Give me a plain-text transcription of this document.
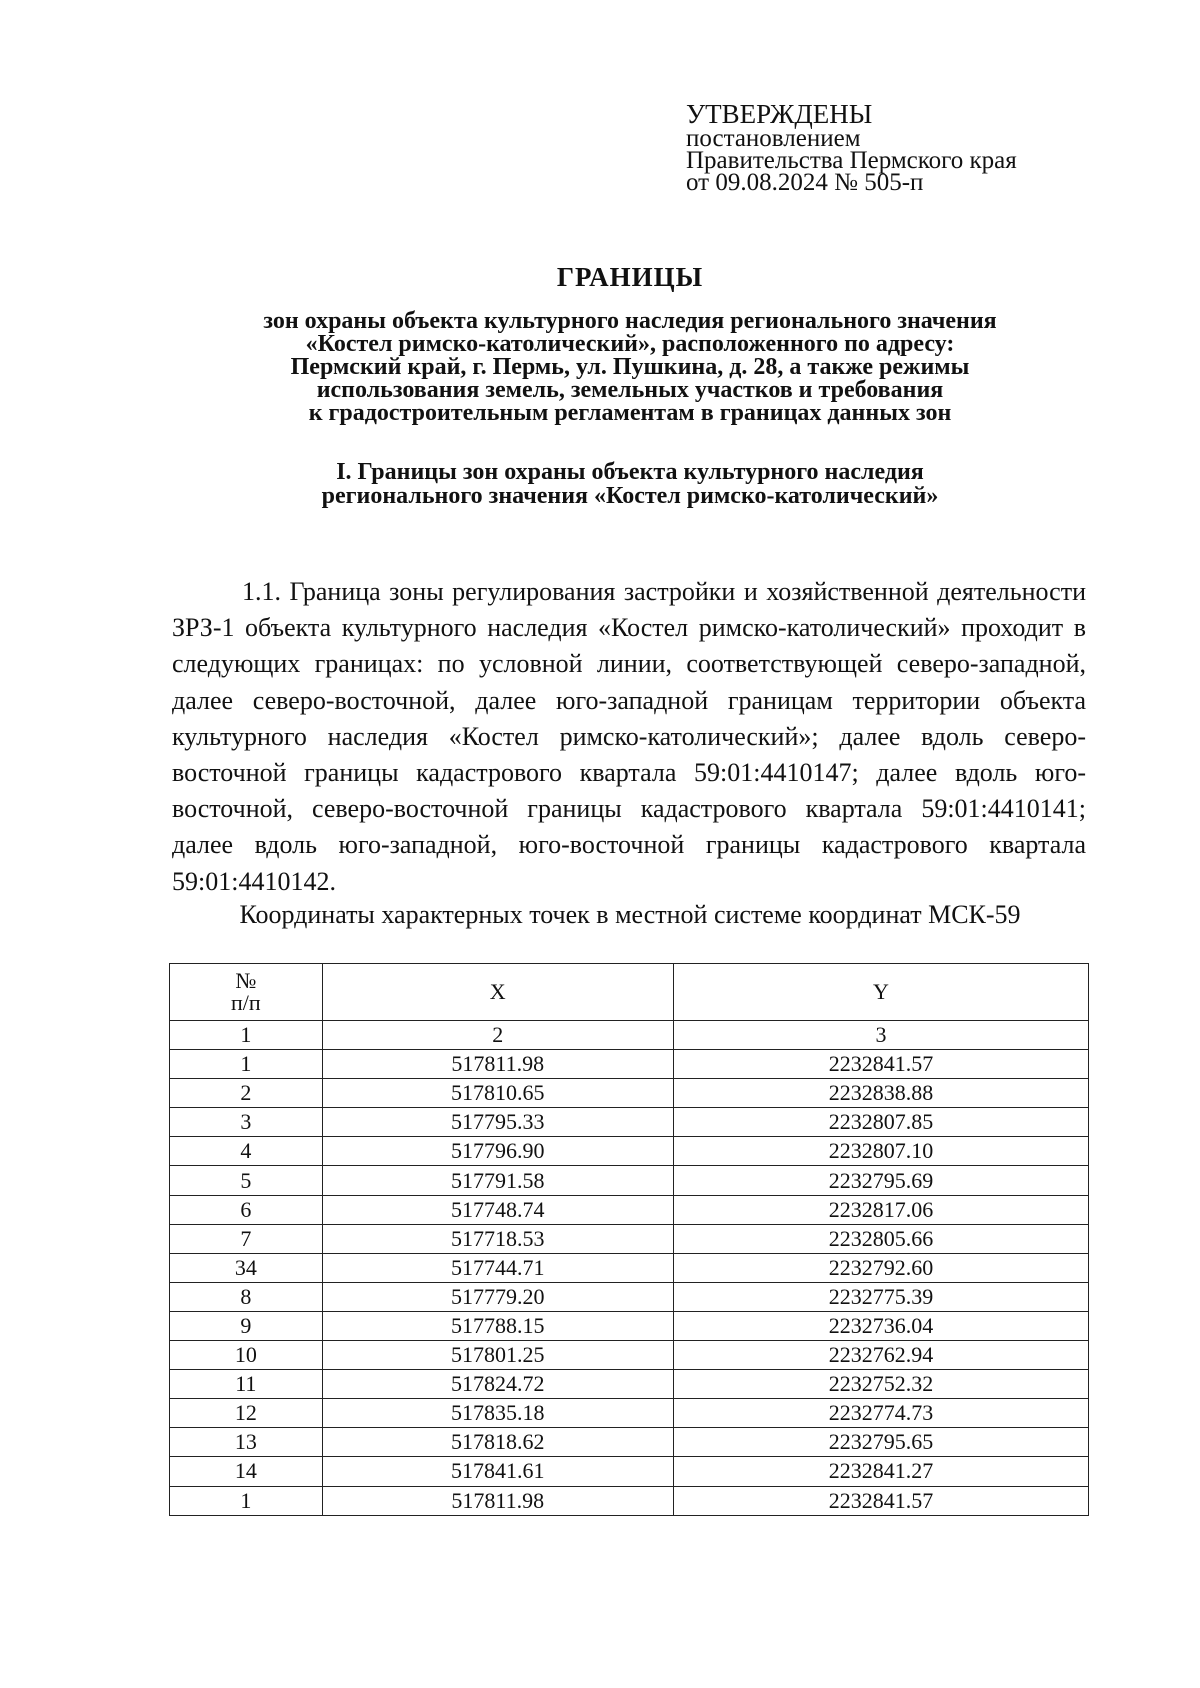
УТВЕРЖДЕНЫ
постановлением
Правительства Пермского края
от 09.08.2024 № 505-п
ГРАНИЦЫ
зон охраны объекта культурного наследия регионального значения
«Костел римско-католический», расположенного по адресу:
Пермский край, г. Пермь, ул. Пушкина, д. 28, а также режимы
использования земель, земельных участков и требования
к градостроительным регламентам в границах данных зон
I. Границы зон охраны объекта культурного наследия
регионального значения «Костел римско-католический»

1.1. Граница зоны регулирования застройки и хозяйственной деятельности ЗРЗ-1 объекта культурного наследия «Костел римско-католический» проходит в следующих границах: по условной линии, соответствующей северо-западной, далее северо-восточной, далее юго-западной границам территории объекта культурного наследия «Костел римско-католический»; далее вдоль северо-восточной границы кадастрового квартала 59:01:4410147; далее вдоль юго-восточной, северо-восточной границы кадастрового квартала 59:01:4410141; далее вдоль юго-западной, юго-восточной границы кадастрового квартала 59:01:4410142.

Координаты характерных точек в местной системе координат МСК-59
№
п/п	X	Y
1	2	3
1	517811.98	2232841.57
2	517810.65	2232838.88
3	517795.33	2232807.85
4	517796.90	2232807.10
5	517791.58	2232795.69
6	517748.74	2232817.06
7	517718.53	2232805.66
34	517744.71	2232792.60
8	517779.20	2232775.39
9	517788.15	2232736.04
10	517801.25	2232762.94
11	517824.72	2232752.32
12	517835.18	2232774.73
13	517818.62	2232795.65
14	517841.61	2232841.27
1	517811.98	2232841.57
